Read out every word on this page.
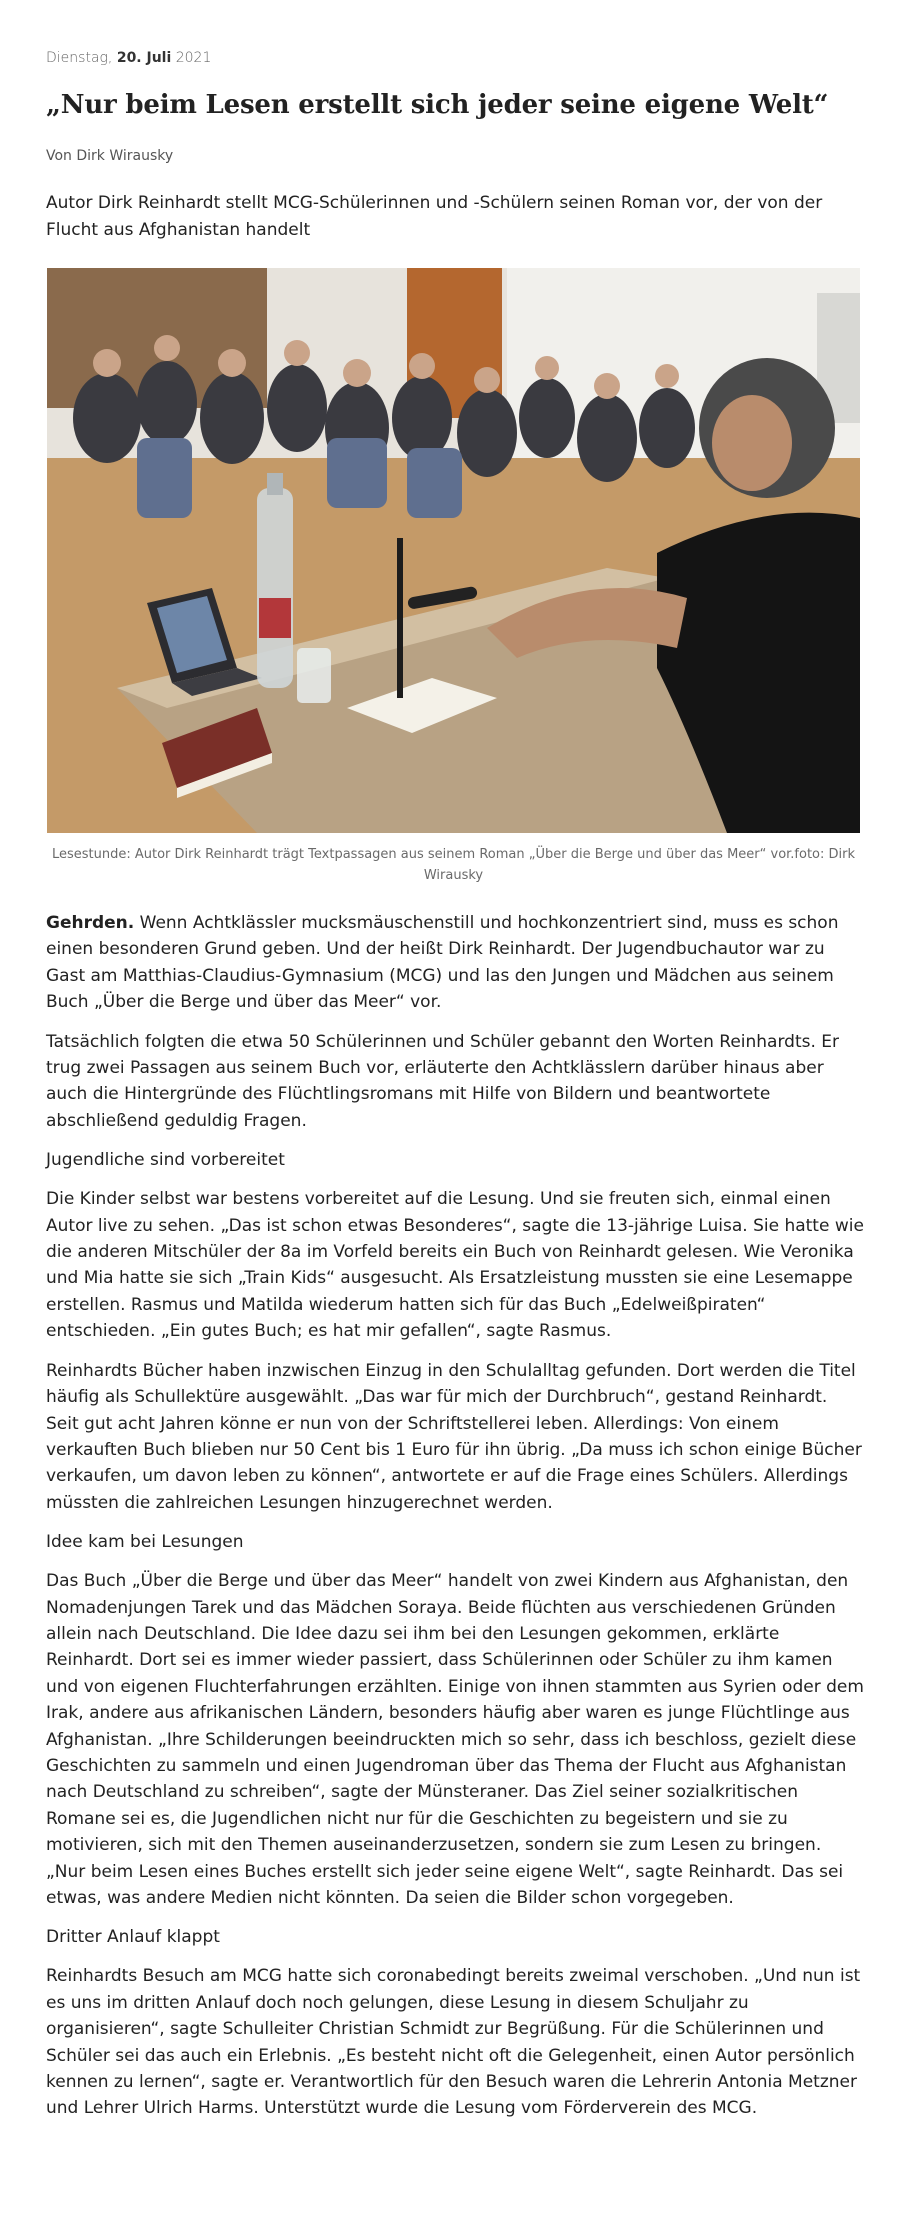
Dienstag, 20. Juli 2021
„Nur beim Lesen erstellt sich jeder seine eigene Welt“
Von Dirk Wirausky

Autor Dirk Reinhardt stellt MCG-Schülerinnen und -Schülern seinen Roman vor, der von der Flucht aus Afghanistan handelt

Lesestunde: Autor Dirk Reinhardt trägt Textpassagen aus seinem Roman „Über die Berge und über das Meer“ vor.foto: Dirk Wirausky

Gehrden. Wenn Achtklässler mucksmäuschenstill und hochkonzentriert sind, muss es schon einen besonderen Grund geben. Und der heißt Dirk Reinhardt. Der Jugendbuchautor war zu Gast am Matthias-Claudius-Gymnasium (MCG) und las den Jungen und Mädchen aus seinem Buch „Über die Berge und über das Meer“ vor.

Tatsächlich folgten die etwa 50 Schülerinnen und Schüler gebannt den Worten Reinhardts. Er trug zwei Passagen aus seinem Buch vor, erläuterte den Achtklässlern darüber hinaus aber auch die Hintergründe des Flüchtlingsromans mit Hilfe von Bildern und beantwortete abschließend geduldig Fragen.

Jugendliche sind vorbereitet

Die Kinder selbst war bestens vorbereitet auf die Lesung. Und sie freuten sich, einmal einen Autor live zu sehen. „Das ist schon etwas Besonderes“, sagte die 13-jährige Luisa. Sie hatte wie die anderen Mitschüler der 8a im Vorfeld bereits ein Buch von Reinhardt gelesen. Wie Veronika und Mia hatte sie sich „Train Kids“ ausgesucht. Als Ersatzleistung mussten sie eine Lesemappe erstellen. Rasmus und Matilda wiederum hatten sich für das Buch „Edelweißpiraten“ entschieden. „Ein gutes Buch; es hat mir gefallen“, sagte Rasmus.

Reinhardts Bücher haben inzwischen Einzug in den Schulalltag gefunden. Dort werden die Titel häufig als Schullektüre ausgewählt. „Das war für mich der Durchbruch“, gestand Reinhardt. Seit gut acht Jahren könne er nun von der Schriftstellerei leben. Allerdings: Von einem verkauften Buch blieben nur 50 Cent bis 1 Euro für ihn übrig. „Da muss ich schon einige Bücher verkaufen, um davon leben zu können“, antwortete er auf die Frage eines Schülers. Allerdings müssten die zahlreichen Lesungen hinzugerechnet werden.

Idee kam bei Lesungen

Das Buch „Über die Berge und über das Meer“ handelt von zwei Kindern aus Afghanistan, den Nomadenjungen Tarek und das Mädchen Soraya. Beide flüchten aus verschiedenen Gründen allein nach Deutschland. Die Idee dazu sei ihm bei den Lesungen gekommen, erklärte Reinhardt. Dort sei es immer wieder passiert, dass Schülerinnen oder Schüler zu ihm kamen und von eigenen Fluchterfahrungen erzählten. Einige von ihnen stammten aus Syrien oder dem Irak, andere aus afrikanischen Ländern, besonders häufig aber waren es junge Flüchtlinge aus Afghanistan. „Ihre Schilderungen beeindruckten mich so sehr, dass ich beschloss, gezielt diese Geschichten zu sammeln und einen Jugendroman über das Thema der Flucht aus Afghanistan nach Deutschland zu schreiben“, sagte der Münsteraner. Das Ziel seiner sozialkritischen Romane sei es, die Jugendlichen nicht nur für die Geschichten zu begeistern und sie zu motivieren, sich mit den Themen auseinanderzusetzen, sondern sie zum Lesen zu bringen. „Nur beim Lesen eines Buches erstellt sich jeder seine eigene Welt“, sagte Reinhardt. Das sei etwas, was andere Medien nicht könnten. Da seien die Bilder schon vorgegeben.

Dritter Anlauf klappt

Reinhardts Besuch am MCG hatte sich coronabedingt bereits zweimal verschoben. „Und nun ist es uns im dritten Anlauf doch noch gelungen, diese Lesung in diesem Schuljahr zu organisieren“, sagte Schulleiter Christian Schmidt zur Begrüßung. Für die Schülerinnen und Schüler sei das auch ein Erlebnis. „Es besteht nicht oft die Gelegenheit, einen Autor persönlich kennen zu lernen“, sagte er. Verantwortlich für den Besuch waren die Lehrerin Antonia Metzner und Lehrer Ulrich Harms. Unterstützt wurde die Lesung vom Förderverein des MCG.
